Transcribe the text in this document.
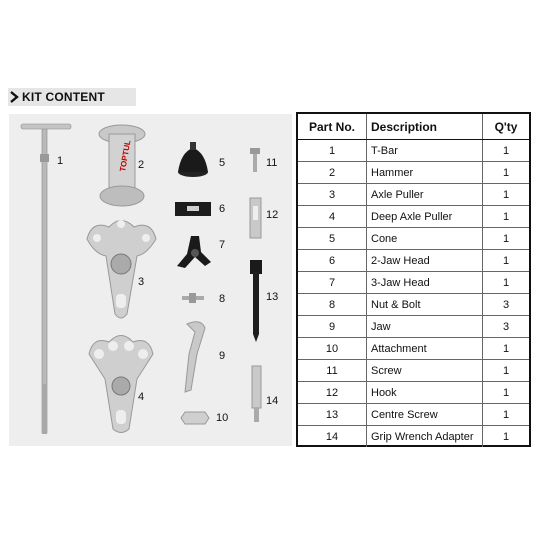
KIT CONTENT
TOPTUL
1	2
3
4
5
6
7
8
9
10
11
12
13
14
Part No.	Description	Q'ty
1	T-Bar	1
2	Hammer	1
3	Axle Puller	1
4	Deep Axle Puller	1
5	Cone	1
6	2-Jaw Head	1
7	3-Jaw Head	1
8	Nut & Bolt	3
9	Jaw	3
10	Attachment	1
11	Screw	1
12	Hook	1
13	Centre Screw	1
14	Grip Wrench Adapter	1
